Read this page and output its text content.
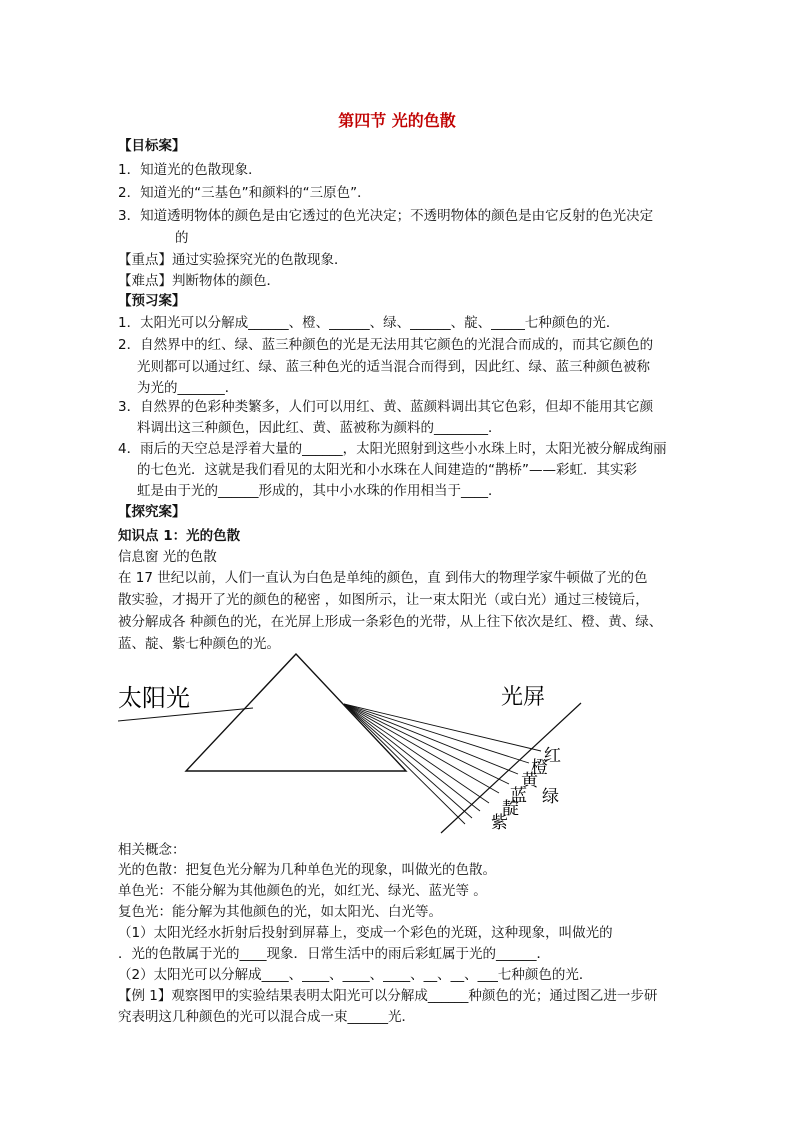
第四节 光的色散
【目标案】
1．知道光的色散现象．
2．知道光的“三基色”和颜料的“三原色”．
3．知道透明物体的颜色是由它透过的色光决定；不透明物体的颜色是由它反射的色光决定
的
【重点】通过实验探究光的色散现象．
【难点】判断物体的颜色．
【预习案】
1．太阳光可以分解成______、橙、______、绿、______、靛、_____七种颜色的光．
2．自然界中的红、绿、蓝三种颜色的光是无法用其它颜色的光混合而成的，而其它颜色的
光则都可以通过红、绿、蓝三种色光的适当混合而得到，因此红、绿、蓝三种颜色被称
为光的_______．
3．自然界的色彩种类繁多，人们可以用红、黄、蓝颜料调出其它色彩，但却不能用其它颜
料调出这三种颜色，因此红、黄、蓝被称为颜料的________．
4．雨后的天空总是浮着大量的______，太阳光照射到这些小水珠上时，太阳光被分解成绚丽
的七色光．这就是我们看见的太阳光和小水珠在人间建造的“鹊桥”——彩虹．其实彩
虹是由于光的______形成的，其中小水珠的作用相当于____．
【探究案】
知识点 1：光的色散
信息窗 光的色散
在 17 世纪以前，人们一直认为白色是单纯的颜色，直 到伟大的物理学家牛顿做了光的色
散实验，才揭开了光的颜色的秘密 ，如图所示，让一束太阳光（或白光）通过三棱镜后，
被分解成各 种颜色的光，在光屏上形成一条彩色的光带，从上往下依次是红、橙、黄、绿、
蓝、靛、紫七种颜色的光。
太阳光	光屏
红
橙
黄
绿
蓝
靛
紫
相关概念：
光的色散：把复色光分解为几种单色光的现象，叫做光的色散。
单色光：不能分解为其他颜色的光，如红光、绿光、蓝光等 。
复色光：能分解为其他颜色的光，如太阳光、白光等。
（1）太阳光经水折射后投射到屏幕上，变成一个彩色的光斑，这种现象，叫做光的
．光的色散属于光的____现象．日常生活中的雨后彩虹属于光的______．
（2）太阳光可以分解成____、____、____、____、__、__、___七种颜色的光．
【例 1】观察图甲的实验结果表明太阳光可以分解成______种颜色的光；通过图乙进一步研
究表明这几种颜色的光可以混合成一束______光．
